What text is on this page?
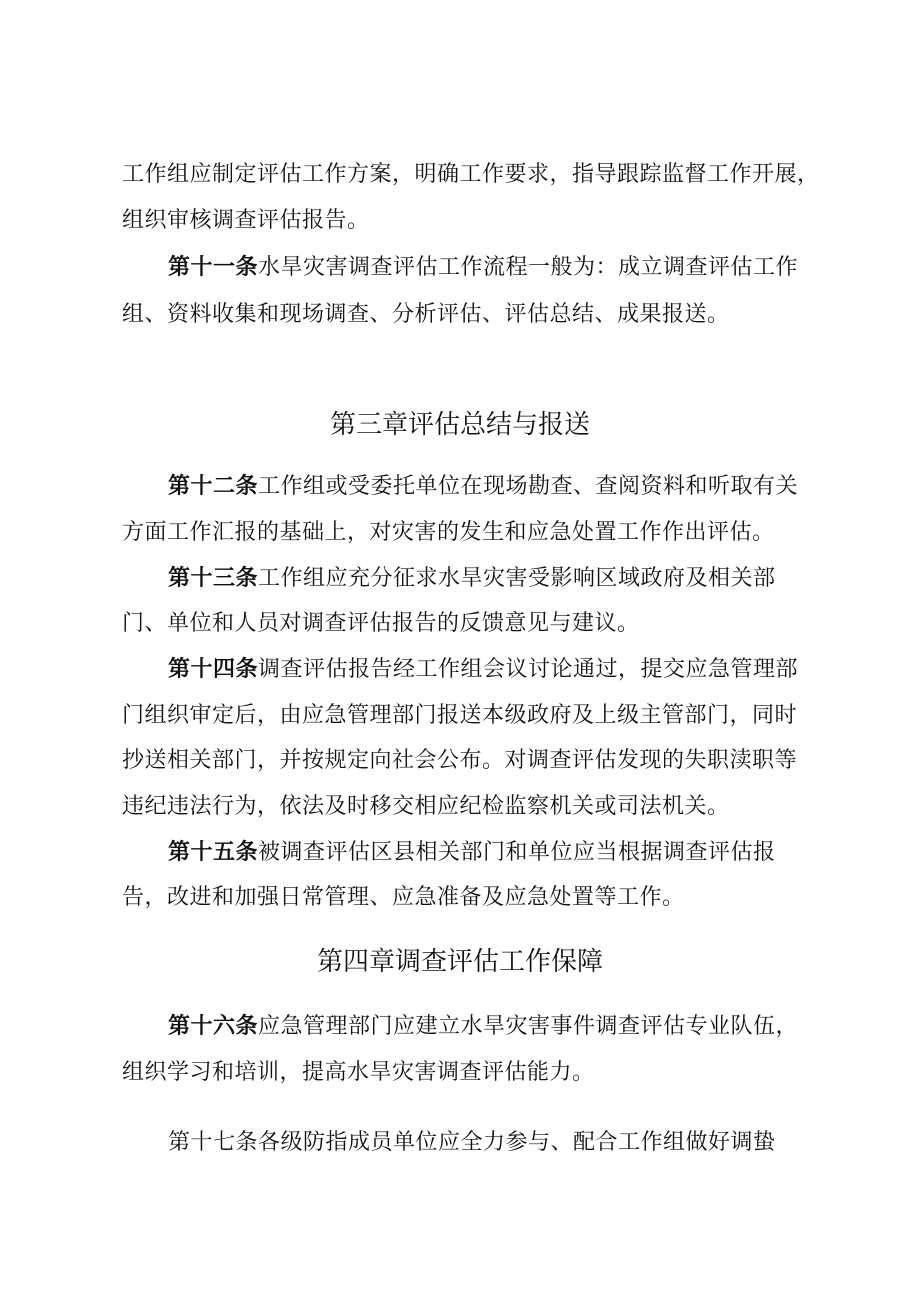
工作组应制定评估工作方案，明确工作要求，指导跟踪监督工作开展，
组织审核调查评估报告。
第十一条水旱灾害调查评估工作流程一般为：成立调查评估工作
组、资料收集和现场调查、分析评估、评估总结、成果报送。
第三章评估总结与报送
第十二条工作组或受委托单位在现场勘查、查阅资料和听取有关
方面工作汇报的基础上，对灾害的发生和应急处置工作作出评估。
第十三条工作组应充分征求水旱灾害受影响区域政府及相关部
门、单位和人员对调查评估报告的反馈意见与建议。
第十四条调查评估报告经工作组会议讨论通过，提交应急管理部
门组织审定后，由应急管理部门报送本级政府及上级主管部门，同时
抄送相关部门，并按规定向社会公布。对调查评估发现的失职渎职等
违纪违法行为，依法及时移交相应纪检监察机关或司法机关。
第十五条被调查评估区县相关部门和单位应当根据调查评估报
告，改进和加强日常管理、应急准备及应急处置等工作。
第四章调查评估工作保障
第十六条应急管理部门应建立水旱灾害事件调查评估专业队伍，
组织学习和培训，提高水旱灾害调查评估能力。
第十七条各级防指成员单位应全力参与、配合工作组做好调蛰
